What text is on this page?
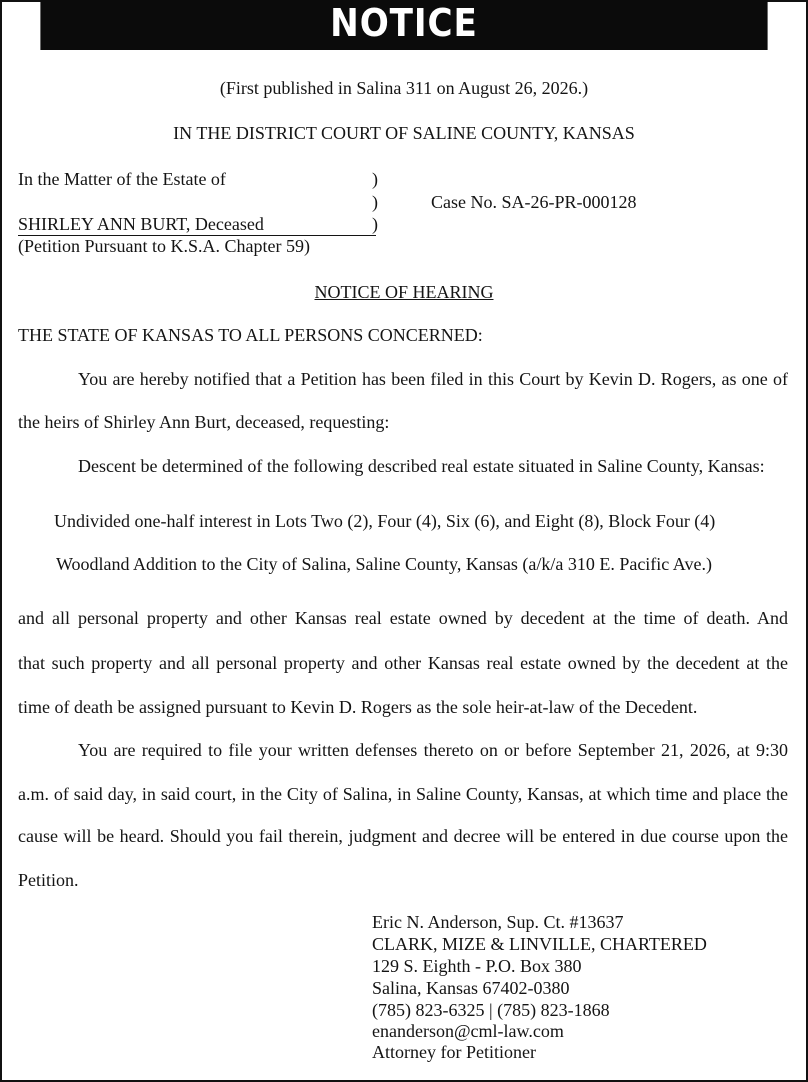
NOTICE
(First published in Salina 311 on August 26, 2026.)
IN THE DISTRICT COURT OF SALINE COUNTY, KANSAS
In the Matter of the Estate of	)
)	Case No. SA-26-PR-000128
SHIRLEY ANN BURT, Deceased	)
(Petition Pursuant to K.S.A. Chapter 59)
NOTICE OF HEARING
THE STATE OF KANSAS TO ALL PERSONS CONCERNED:
You are hereby notified that a Petition has been filed in this Court by Kevin D. Rogers, as one of
the heirs of Shirley Ann Burt, deceased, requesting:
Descent be determined of the following described real estate situated in Saline County, Kansas:
Undivided one-half interest in Lots Two (2), Four (4), Six (6), and Eight (8), Block Four (4)
Woodland Addition to the City of Salina, Saline County, Kansas (a/k/a 310 E. Pacific Ave.)
and all personal property and other Kansas real estate owned by decedent at the time of death. And
that such property and all personal property and other Kansas real estate owned by the decedent at the
time of death be assigned pursuant to Kevin D. Rogers as the sole heir-at-law of the Decedent.
You are required to file your written defenses thereto on or before September 21, 2026, at 9:30
a.m. of said day, in said court, in the City of Salina, in Saline County, Kansas, at which time and place the
cause will be heard. Should you fail therein, judgment and decree will be entered in due course upon the
Petition.
Eric N. Anderson, Sup. Ct. #13637
CLARK, MIZE & LINVILLE, CHARTERED
129 S. Eighth - P.O. Box 380
Salina, Kansas 67402-0380
(785) 823-6325 | (785) 823-1868
enanderson@cml-law.com
Attorney for Petitioner
